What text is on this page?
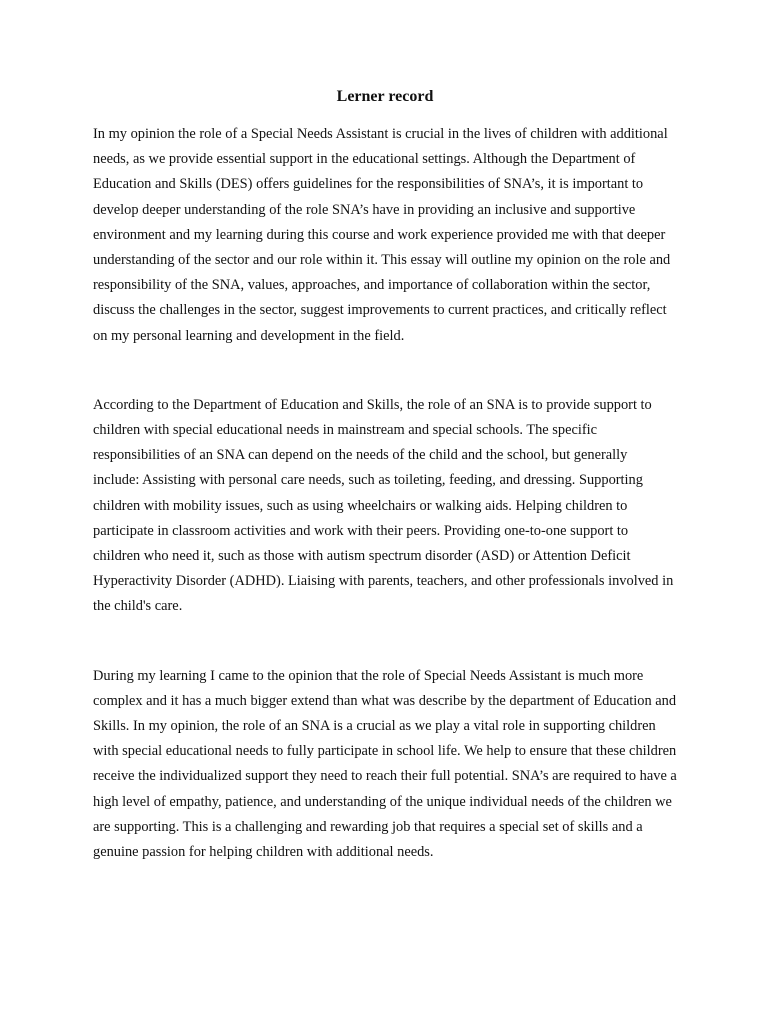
Lerner record

In my opinion the role of a Special Needs Assistant is crucial in the lives of children with additional needs, as we provide essential support in the educational settings. Although the Department of Education and Skills (DES) offers guidelines for the responsibilities of SNA’s, it is important to develop deeper understanding of the role SNA’s have in providing an inclusive and supportive environment and my learning during this course and work experience provided me with that deeper understanding of the sector and our role within it. This essay will outline my opinion on the role and responsibility of the SNA, values, approaches, and importance of collaboration within the sector, discuss the challenges in the sector, suggest improvements to current practices, and critically reflect on my personal learning and development in the field.

According to the Department of Education and Skills, the role of an SNA is to provide support to children with special educational needs in mainstream and special schools. The specific responsibilities of an SNA can depend on the needs of the child and the school, but generally include: Assisting with personal care needs, such as toileting, feeding, and dressing. Supporting children with mobility issues, such as using wheelchairs or walking aids. Helping children to participate in classroom activities and work with their peers. Providing one-to-one support to children who need it, such as those with autism spectrum disorder (ASD) or Attention Deficit Hyperactivity Disorder (ADHD). Liaising with parents, teachers, and other professionals involved in the child's care.

During my learning I came to the opinion that the role of Special Needs Assistant is much more complex and it has a much bigger extend than what was describe by the department of Education and Skills. In my opinion, the role of an SNA is a crucial as we play a vital role in supporting children with special educational needs to fully participate in school life. We help to ensure that these children receive the individualized support they need to reach their full potential. SNA’s are required to have a high level of empathy, patience, and understanding of the unique individual needs of the children we are supporting. This is a challenging and rewarding job that requires a special set of skills and a genuine passion for helping children with additional needs.
